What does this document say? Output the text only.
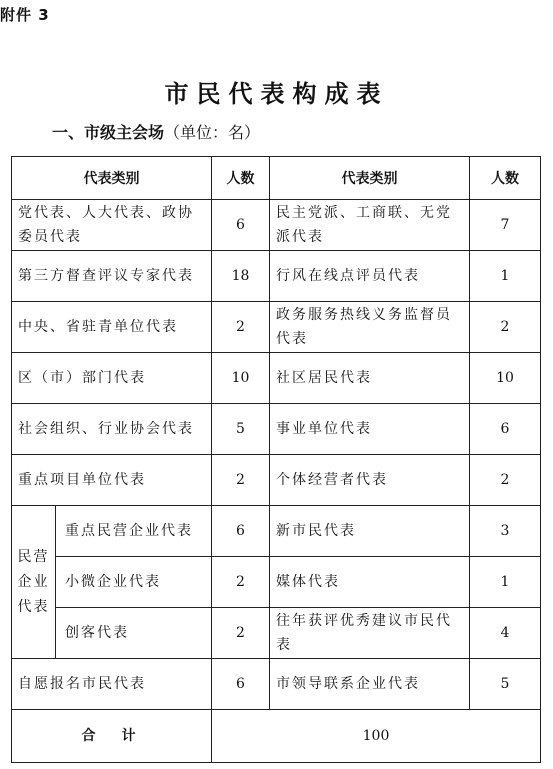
附件 3
市民代表构成表
一、市级主会场（单位：名）
代表类别		人数	代表类别	人数
党代表、人大代表、政协委员代表		6	民主党派、工商联、无党派代表	7
第三方督查评议专家代表		18	行风在线点评员代表	1
中央、省驻青单位代表		2	政务服务热线义务监督员代表	2
区（市）部门代表		10	社区居民代表	10
社会组织、行业协会代表		5	事业单位代表	6
重点项目单位代表		2	个体经营者代表	2
民营企业代表	重点民营企业代表	6	新市民代表	3
	小微企业代表	2	媒体代表	1
	创客代表	2	往年获评优秀建议市民代表	4
自愿报名市民代表		6	市领导联系企业代表	5
合　计		100		
